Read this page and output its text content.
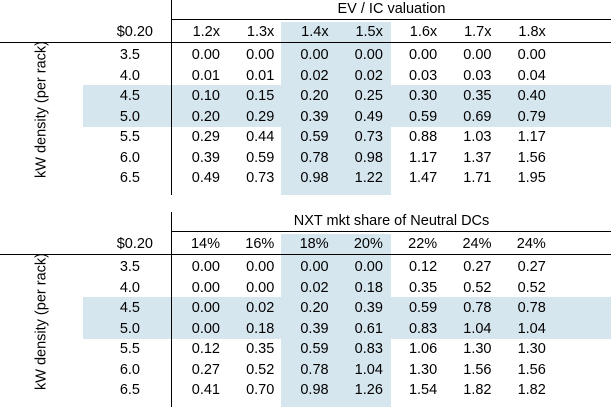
EV / IC valuation
$0.20	1.2x	1.3x	1.4x	1.5x	1.6x	1.7x	1.8x
kW density (per rack)	3.5	0.00	0.00	0.00	0.00	0.00	0.00	0.00
4.0	0.01	0.01	0.02	0.02	0.03	0.03	0.04
4.5	0.10	0.15	0.20	0.25	0.30	0.35	0.40
5.0	0.20	0.29	0.39	0.49	0.59	0.69	0.79
5.5	0.29	0.44	0.59	0.73	0.88	1.03	1.17
6.0	0.39	0.59	0.78	0.98	1.17	1.37	1.56
6.5	0.49	0.73	0.98	1.22	1.47	1.71	1.95
NXT mkt share of Neutral DCs
$0.20	14%	16%	18%	20%	22%	24%	24%
kW density (per rack)	3.5	0.00	0.00	0.00	0.00	0.12	0.27	0.27
4.0	0.00	0.00	0.02	0.18	0.35	0.52	0.52
4.5	0.00	0.02	0.20	0.39	0.59	0.78	0.78
5.0	0.00	0.18	0.39	0.61	0.83	1.04	1.04
5.5	0.12	0.35	0.59	0.83	1.06	1.30	1.30
6.0	0.27	0.52	0.78	1.04	1.30	1.56	1.56
6.5	0.41	0.70	0.98	1.26	1.54	1.82	1.82
